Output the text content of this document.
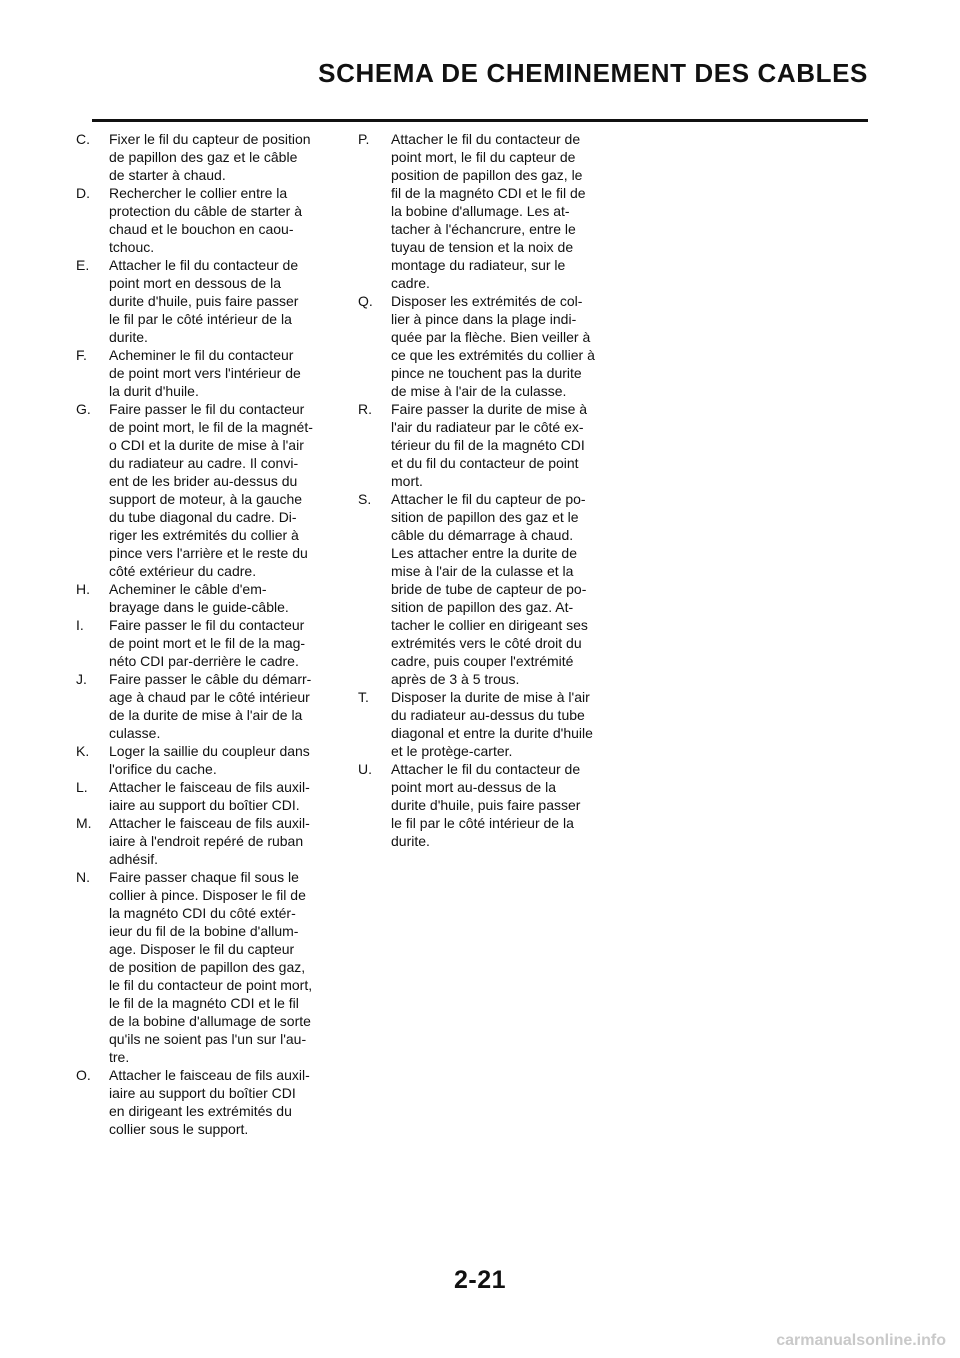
SCHEMA DE CHEMINEMENT DES CABLES
C.	Fixer le fil du capteur de position
de papillon des gaz et le câble
de starter à chaud.
D.	Rechercher le collier entre la
protection du câble de starter à
chaud et le bouchon en caou-
tchouc.
E.	Attacher le fil du contacteur de
point mort en dessous de la
durite d'huile, puis faire passer
le fil par le côté intérieur de la
durite.
F.	Acheminer le fil du contacteur
de point mort vers l'intérieur de
la durit d'huile.
G.	Faire passer le fil du contacteur
de point mort, le fil de la magnét-
o CDI et la durite de mise à l'air
du radiateur au cadre. Il convi-
ent de les brider au-dessus du
support de moteur, à la gauche
du tube diagonal du cadre. Di-
riger les extrémités du collier à
pince vers l'arrière et le reste du
côté extérieur du cadre.
H.	Acheminer le câble d'em-
brayage dans le guide-câble.
I.	Faire passer le fil du contacteur
de point mort et le fil de la mag-
néto CDI par-derrière le cadre.
J.	Faire passer le câble du démarr-
age à chaud par le côté intérieur
de la durite de mise à l'air de la
culasse.
K.	Loger la saillie du coupleur dans
l'orifice du cache.
L.	Attacher le faisceau de fils auxil-
iaire au support du boîtier CDI.
M.	Attacher le faisceau de fils auxil-
iaire à l'endroit repéré de ruban
adhésif.
N.	Faire passer chaque fil sous le
collier à pince. Disposer le fil de
la magnéto CDI du côté extér-
ieur du fil de la bobine d'allum-
age. Disposer le fil du capteur
de position de papillon des gaz,
le fil du contacteur de point mort,
le fil de la magnéto CDI et le fil
de la bobine d'allumage de sorte
qu'ils ne soient pas l'un sur l'au-
tre.
O.	Attacher le faisceau de fils auxil-
iaire au support du boîtier CDI
en dirigeant les extrémités du
collier sous le support.
P.	Attacher le fil du contacteur de
point mort, le fil du capteur de
position de papillon des gaz, le
fil de la magnéto CDI et le fil de
la bobine d'allumage. Les at-
tacher à l'échancrure, entre le
tuyau de tension et la noix de
montage du radiateur, sur le
cadre.
Q.	Disposer les extrémités de col-
lier à pince dans la plage indi-
quée par la flèche. Bien veiller à
ce que les extrémités du collier à
pince ne touchent pas la durite
de mise à l'air de la culasse.
R.	Faire passer la durite de mise à
l'air du radiateur par le côté ex-
térieur du fil de la magnéto CDI
et du fil du contacteur de point
mort.
S.	Attacher le fil du capteur de po-
sition de papillon des gaz et le
câble du démarrage à chaud.
Les attacher entre la durite de
mise à l'air de la culasse et la
bride de tube de capteur de po-
sition de papillon des gaz. At-
tacher le collier en dirigeant ses
extrémités vers le côté droit du
cadre, puis couper l'extrémité
après de 3 à 5 trous.
T.	Disposer la durite de mise à l'air
du radiateur au-dessus du tube
diagonal et entre la durite d'huile
et le protège-carter.
U.	Attacher le fil du contacteur de
point mort au-dessus de la
durite d'huile, puis faire passer
le fil par le côté intérieur de la
durite.
2-21
carmanualsonline.info
